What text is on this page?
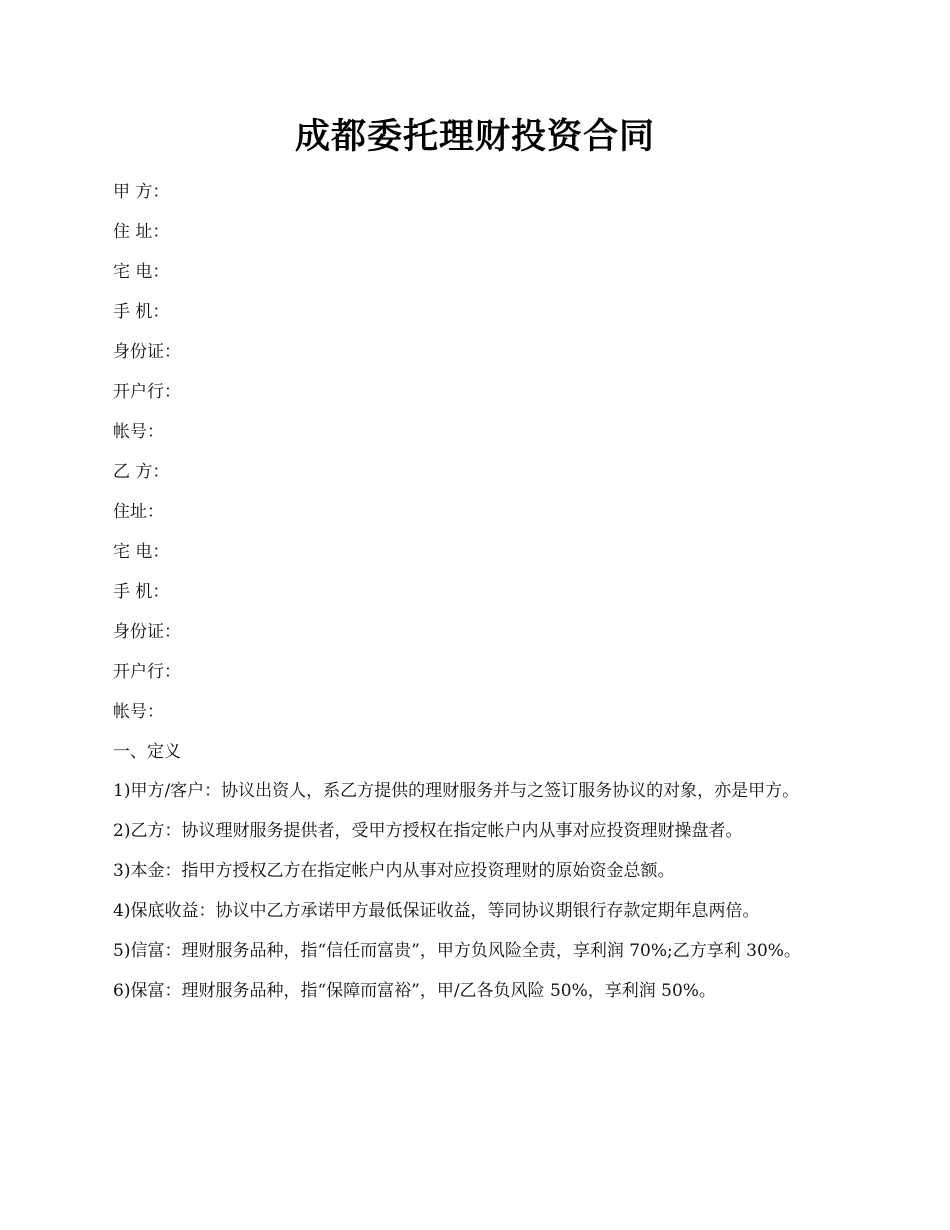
成都委托理财投资合同
甲 方：
住 址：
宅 电：
手 机：
身份证：
开户行：
帐号：
乙 方：
住址：
宅 电：
手 机：
身份证：
开户行：
帐号：
一、定义
1)甲方/客户：协议出资人，系乙方提供的理财服务并与之签订服务协议的对象，亦是甲方。
2)乙方：协议理财服务提供者，受甲方授权在指定帐户内从事对应投资理财操盘者。
3)本金：指甲方授权乙方在指定帐户内从事对应投资理财的原始资金总额。
4)保底收益：协议中乙方承诺甲方最低保证收益，等同协议期银行存款定期年息两倍。
5)信富：理财服务品种，指“信任而富贵”，甲方负风险全责，享利润 70%;乙方享利 30%。
6)保富：理财服务品种，指“保障而富裕”，甲/乙各负风险 50%，享利润 50%。
